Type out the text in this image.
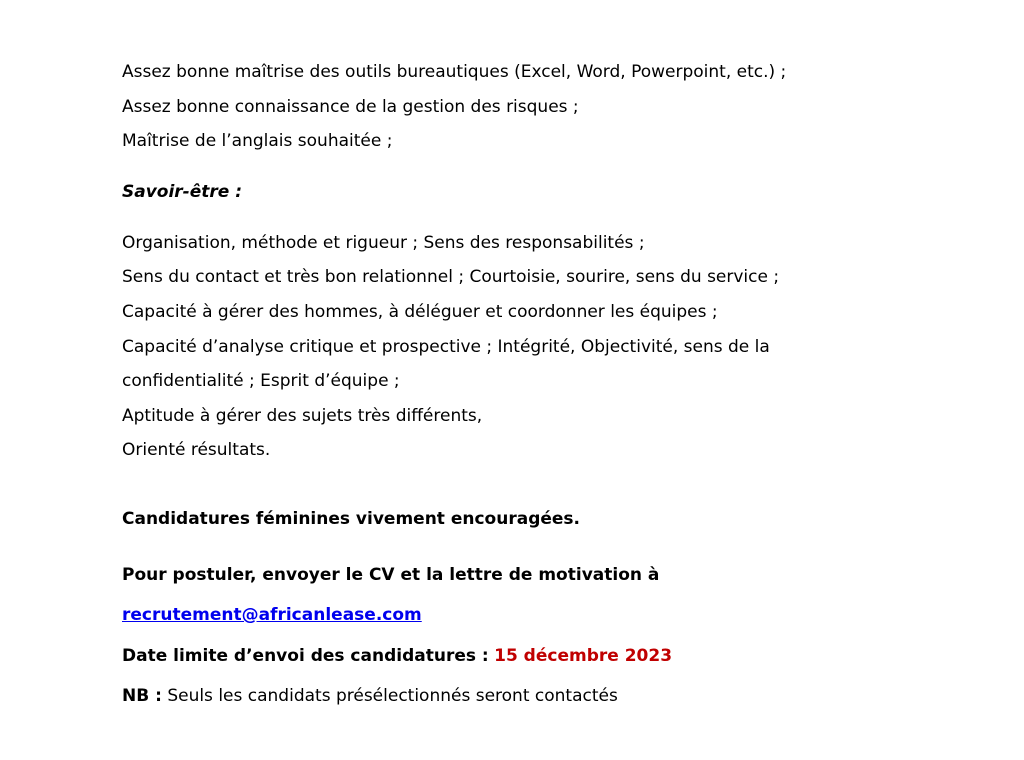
Assez bonne maîtrise des outils bureautiques (Excel, Word, Powerpoint, etc.) ;
Assez bonne connaissance de la gestion des risques ;
Maîtrise de l’anglais souhaitée ;
Savoir-être :
Organisation, méthode et rigueur ; Sens des responsabilités ;
Sens du contact et très bon relationnel ; Courtoisie, sourire, sens du service ;
Capacité à gérer des hommes, à déléguer et coordonner les équipes ;
Capacité d’analyse critique et prospective ; Intégrité, Objectivité, sens de la
confidentialité ; Esprit d’équipe ;
Aptitude à gérer des sujets très différents,
Orienté résultats.
Candidatures féminines vivement encouragées.
Pour postuler, envoyer le CV et la lettre de motivation à
recrutement@africanlease.com
Date limite d’envoi des candidatures : 15 décembre 2023
NB : Seuls les candidats présélectionnés seront contactés
